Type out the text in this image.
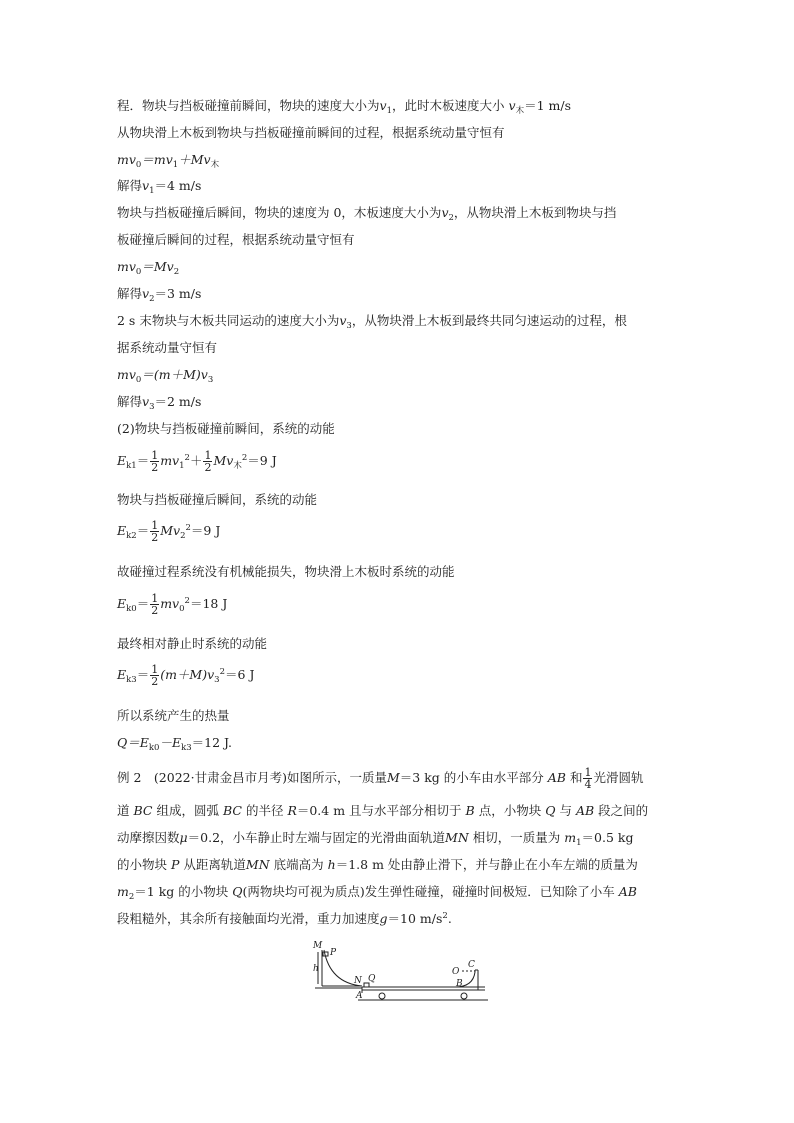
程．物块与挡板碰撞前瞬间，物块的速度大小为$v_1$，此时木板速度大小 $v_木=1$ m/s
从物块滑上木板到物块与挡板碰撞前瞬间的过程，根据系统动量守恒有
$mv_0=mv_1+Mv_木$
解得$v_1=4$ m/s
物块与挡板碰撞后瞬间，物块的速度为 0，木板速度大小为$v_2$，从物块滑上木板到物块与挡
板碰撞后瞬间的过程，根据系统动量守恒有
$mv_0=Mv_2$
解得$v_2=3$ m/s
2 s 末物块与木板共同运动的速度大小为$v_3$，从物块滑上木板到最终共同匀速运动的过程，根
据系统动量守恒有
$mv_0=(m+M)v_3$
解得$v_3=2$ m/s
(2)物块与挡板碰撞前瞬间，系统的动能
$E_{k1}= \frac{1}{2} mv_1^2+ \frac{1}{2} Mv_木^2=9$ J
物块与挡板碰撞后瞬间，系统的动能
$E_{k2}= \frac{1}{2} Mv_2^2=9$ J
故碰撞过程系统没有机械能损失，物块滑上木板时系统的动能
$E_{k0}= \frac{1}{2} mv_0^2=18$ J
最终相对静止时系统的动能
$E_{k3}= \frac{1}{2} (m+M)v_3^2=6$ J
所以系统产生的热量
$Q=E_{k0}-E_{k3}=12$ J.
例 2　(2022·甘肃金昌市月考)如图所示，一质量M＝3 kg 的小车由水平部分 AB 和 $\frac{1}{4}$ 光滑圆轨
道 BC 组成，圆弧 BC 的半径 R＝0.4 m 且与水平部分相切于 B 点，小物块 Q 与 AB 段之间的
动摩擦因数μ＝0.2，小车静止时左端与固定的光滑曲面轨道MN 相切，一质量为 $m_1=0.5$ kg
的小物块 P 从距离轨道MN 底端高为 h＝1.8 m 处由静止滑下，并与静止在小车左端的质量为
$m_2=1$ kg 的小物块 Q(两物块均可视为质点)发生弹性碰撞，碰撞时间极短．已知除了小车 AB
段粗糙外，其余所有接触面均光滑，重力加速度g＝10 $m/s^2$.
M
P
h
N Q
A
O
C
B
